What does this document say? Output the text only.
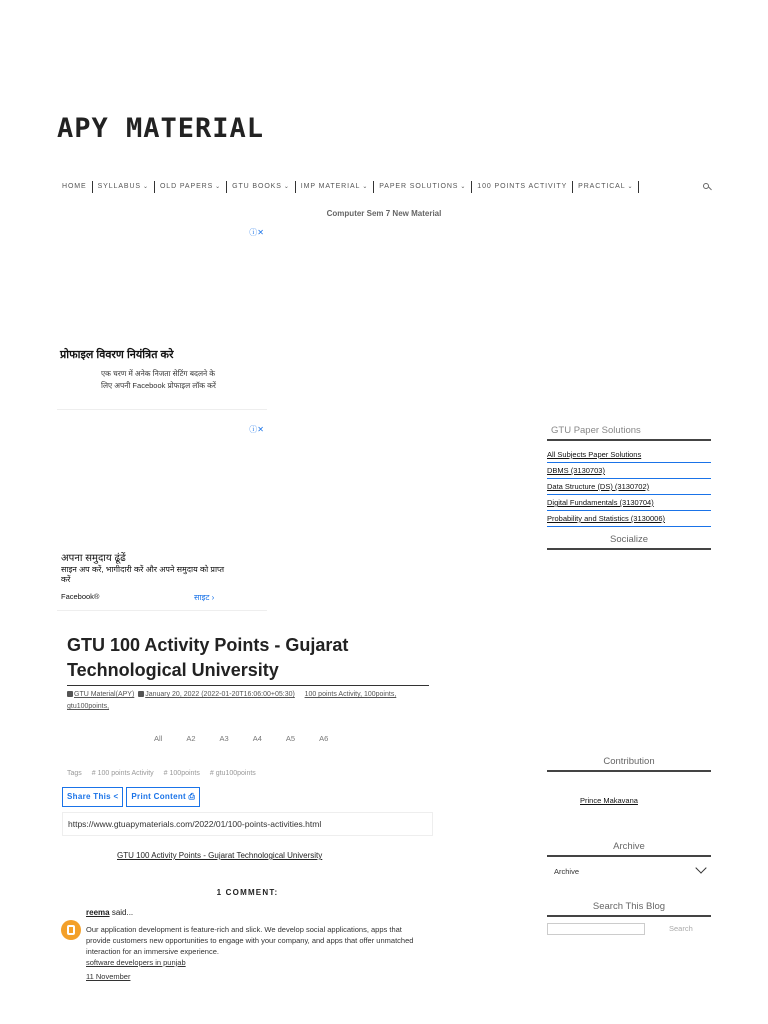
APY MATERIAL
HOME	SYLLABUS ⌄	OLD PAPERS ⌄	GTU BOOKS ⌄	IMP MATERIAL ⌄	PAPER SOLUTIONS ⌄	100 POINTS ACTIVITY	PRACTICAL ⌄
Computer Sem 7 New Material
ⓘ✕
प्रोफाइल विवरण नियंत्रित करे
एक चरण में अनेक निजता सेटिंग बदलने के लिए अपनी Facebook प्रोफाइल लॉक करें
ⓘ✕
अपना समुदाय ढूंढें
साइन अप करें, भागीदारी करें और अपने समुदाय को प्राप्त करें
Facebook®	साइट ›
GTU 100 Activity Points - Gujarat Technological University
GTU Material(APY) January 20, 2022 (2022-01-20T16:06:00+05:30) 100 points Activity, 100points,
gtu100points,
All	A2	A3	A4	A5	A6
Tags # 100 points Activity # 100points # gtu100points
Share This <	Print Content ⎙
https://www.gtuapymaterials.com/2022/01/100-points-activities.html
GTU 100 Activity Points - Gujarat Technological University
1 COMMENT:
reema said...
Our application development is feature-rich and slick. We develop social applications, apps that provide customers new opportunities to engage with your company, and apps that offer unmatched interaction for an immersive experience.
software developers in punjab
11 November
GTU Paper Solutions
All Subjects Paper Solutions
DBMS (3130703)
Data Structure (DS) (3130702)
Digital Fundamentals (3130704)
Probability and Statistics (3130006)
Socialize
Contribution
Prince Makavana
Archive
Archive
Search This Blog
Search
